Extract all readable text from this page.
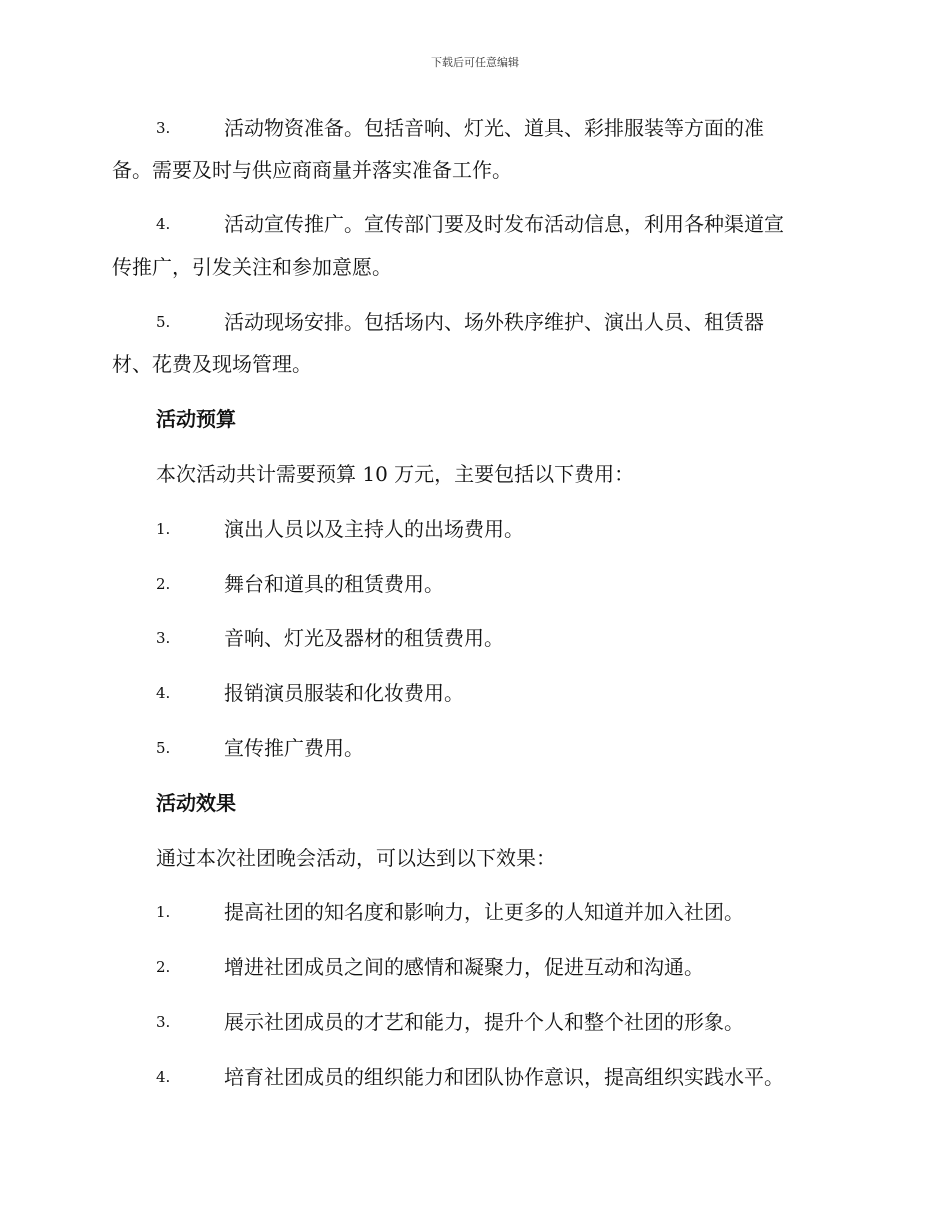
下载后可任意编辑
3.	活动物资准备。包括音响、灯光、道具、彩排服装等方面的准
备。需要及时与供应商商量并落实准备工作。
4.	活动宣传推广。宣传部门要及时发布活动信息，利用各种渠道宣
传推广，引发关注和参加意愿。
5.	活动现场安排。包括场内、场外秩序维护、演出人员、租赁器
材、花费及现场管理。
活动预算
本次活动共计需要预算 10 万元，主要包括以下费用：
1.	演出人员以及主持人的出场费用。
2.	舞台和道具的租赁费用。
3.	音响、灯光及器材的租赁费用。
4.	报销演员服装和化妆费用。
5.	宣传推广费用。
活动效果
通过本次社团晚会活动，可以达到以下效果：
1.	提高社团的知名度和影响力，让更多的人知道并加入社团。
2.	增进社团成员之间的感情和凝聚力，促进互动和沟通。
3.	展示社团成员的才艺和能力，提升个人和整个社团的形象。
4.	培育社团成员的组织能力和团队协作意识，提高组织实践水平。
